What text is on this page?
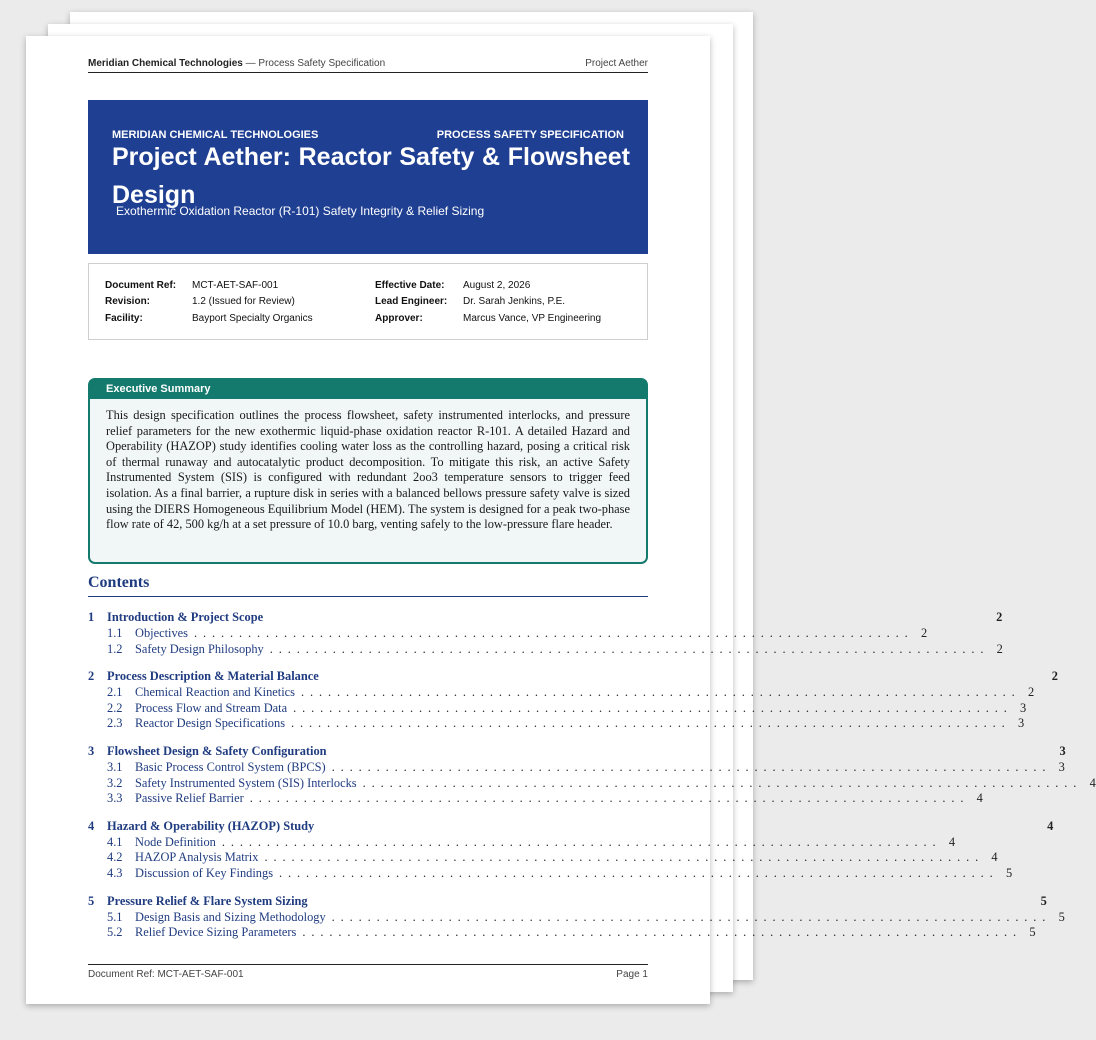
Meridian Chemical Technologies — Process Safety Specification	Project Aether
MERIDIAN CHEMICAL TECHNOLOGIES	PROCESS SAFETY SPECIFICATION
Project Aether: Reactor Safety & Flowsheet Design
Exothermic Oxidation Reactor (R-101) Safety Integrity & Relief Sizing
Document Ref: MCT-AET-SAF-001
Revision:	1.2 (Issued for Review)
Facility:	Bayport Specialty Organics
Effective Date: August 2, 2026
Lead Engineer: Dr. Sarah Jenkins, P.E.
Approver:	Marcus Vance, VP Engineering
Executive Summary
This design specification outlines the process flowsheet, safety instrumented interlocks, and pressure relief parameters for the new exothermic liquid-phase oxidation reactor R-101. A detailed Hazard and Operability (HAZOP) study identifies cooling water loss as the controlling hazard, posing a critical risk of thermal runaway and autocatalytic product decomposition. To mitigate this risk, an active Safety Instrumented System (SIS) is configured with redundant 2oo3 temperature sensors to trigger feed isolation. As a final barrier, a rupture disk in series with a balanced bellows pressure safety valve is sized using the DIERS Homogeneous Equilibrium Model (HEM). The system is designed for a peak two-phase flow rate of 42, 500 kg/h at a set pressure of 10.0 barg, venting safely to the low-pressure flare header.
Contents
1	Introduction & Project Scope	2
1.1	Objectives . . . . . . . . . . . . . . . . . . . . . . . . . . . . . . . . . . . . . . . . . . . . . . . . . . . . . . . . . . . . . . . . . . . . . . . . . . . . . . . . 2
1.2	Safety Design Philosophy . . . . . . . . . . . . . . . . . . . . . . . . . . . . . . . . . . . . . . . . . . . . . . . . . . . . . . . . . . . . . . . . . . . . . . . . . . . . . . . . 2
2	Process Description & Material Balance	2
2.1	Chemical Reaction and Kinetics . . . . . . . . . . . . . . . . . . . . . . . . . . . . . . . . . . . . . . . . . . . . . . . . . . . . . . . . . . . . . . . . . . . . . . . . . . . . . . . . 2
2.2	Process Flow and Stream Data . . . . . . . . . . . . . . . . . . . . . . . . . . . . . . . . . . . . . . . . . . . . . . . . . . . . . . . . . . . . . . . . . . . . . . . . . . . . . . . . 3
2.3	Reactor Design Specifications . . . . . . . . . . . . . . . . . . . . . . . . . . . . . . . . . . . . . . . . . . . . . . . . . . . . . . . . . . . . . . . . . . . . . . . . . . . . . . . . 3
3	Flowsheet Design & Safety Configuration	3
3.1	Basic Process Control System (BPCS) . . . . . . . . . . . . . . . . . . . . . . . . . . . . . . . . . . . . . . . . . . . . . . . . . . . . . . . . . . . . . . . . . . . . . . . . . . . . . . . . 3
3.2	Safety Instrumented System (SIS) Interlocks . . . . . . . . . . . . . . . . . . . . . . . . . . . . . . . . . . . . . . . . . . . . . . . . . . . . . . . . . . . . . . . . . . . . . . . . . . . . . . . . 4
3.3	Passive Relief Barrier . . . . . . . . . . . . . . . . . . . . . . . . . . . . . . . . . . . . . . . . . . . . . . . . . . . . . . . . . . . . . . . . . . . . . . . . . . . . . . . . 4
4	Hazard & Operability (HAZOP) Study	4
4.1	Node Definition . . . . . . . . . . . . . . . . . . . . . . . . . . . . . . . . . . . . . . . . . . . . . . . . . . . . . . . . . . . . . . . . . . . . . . . . . . . . . . . . 4
4.2	HAZOP Analysis Matrix . . . . . . . . . . . . . . . . . . . . . . . . . . . . . . . . . . . . . . . . . . . . . . . . . . . . . . . . . . . . . . . . . . . . . . . . . . . . . . . . 4
4.3	Discussion of Key Findings . . . . . . . . . . . . . . . . . . . . . . . . . . . . . . . . . . . . . . . . . . . . . . . . . . . . . . . . . . . . . . . . . . . . . . . . . . . . . . . . 5
5	Pressure Relief & Flare System Sizing	5
5.1	Design Basis and Sizing Methodology . . . . . . . . . . . . . . . . . . . . . . . . . . . . . . . . . . . . . . . . . . . . . . . . . . . . . . . . . . . . . . . . . . . . . . . . . . . . . . . . 5
5.2	Relief Device Sizing Parameters . . . . . . . . . . . . . . . . . . . . . . . . . . . . . . . . . . . . . . . . . . . . . . . . . . . . . . . . . . . . . . . . . . . . . . . . . . . . . . . . 5
Document Ref: MCT-AET-SAF-001	Page 1
